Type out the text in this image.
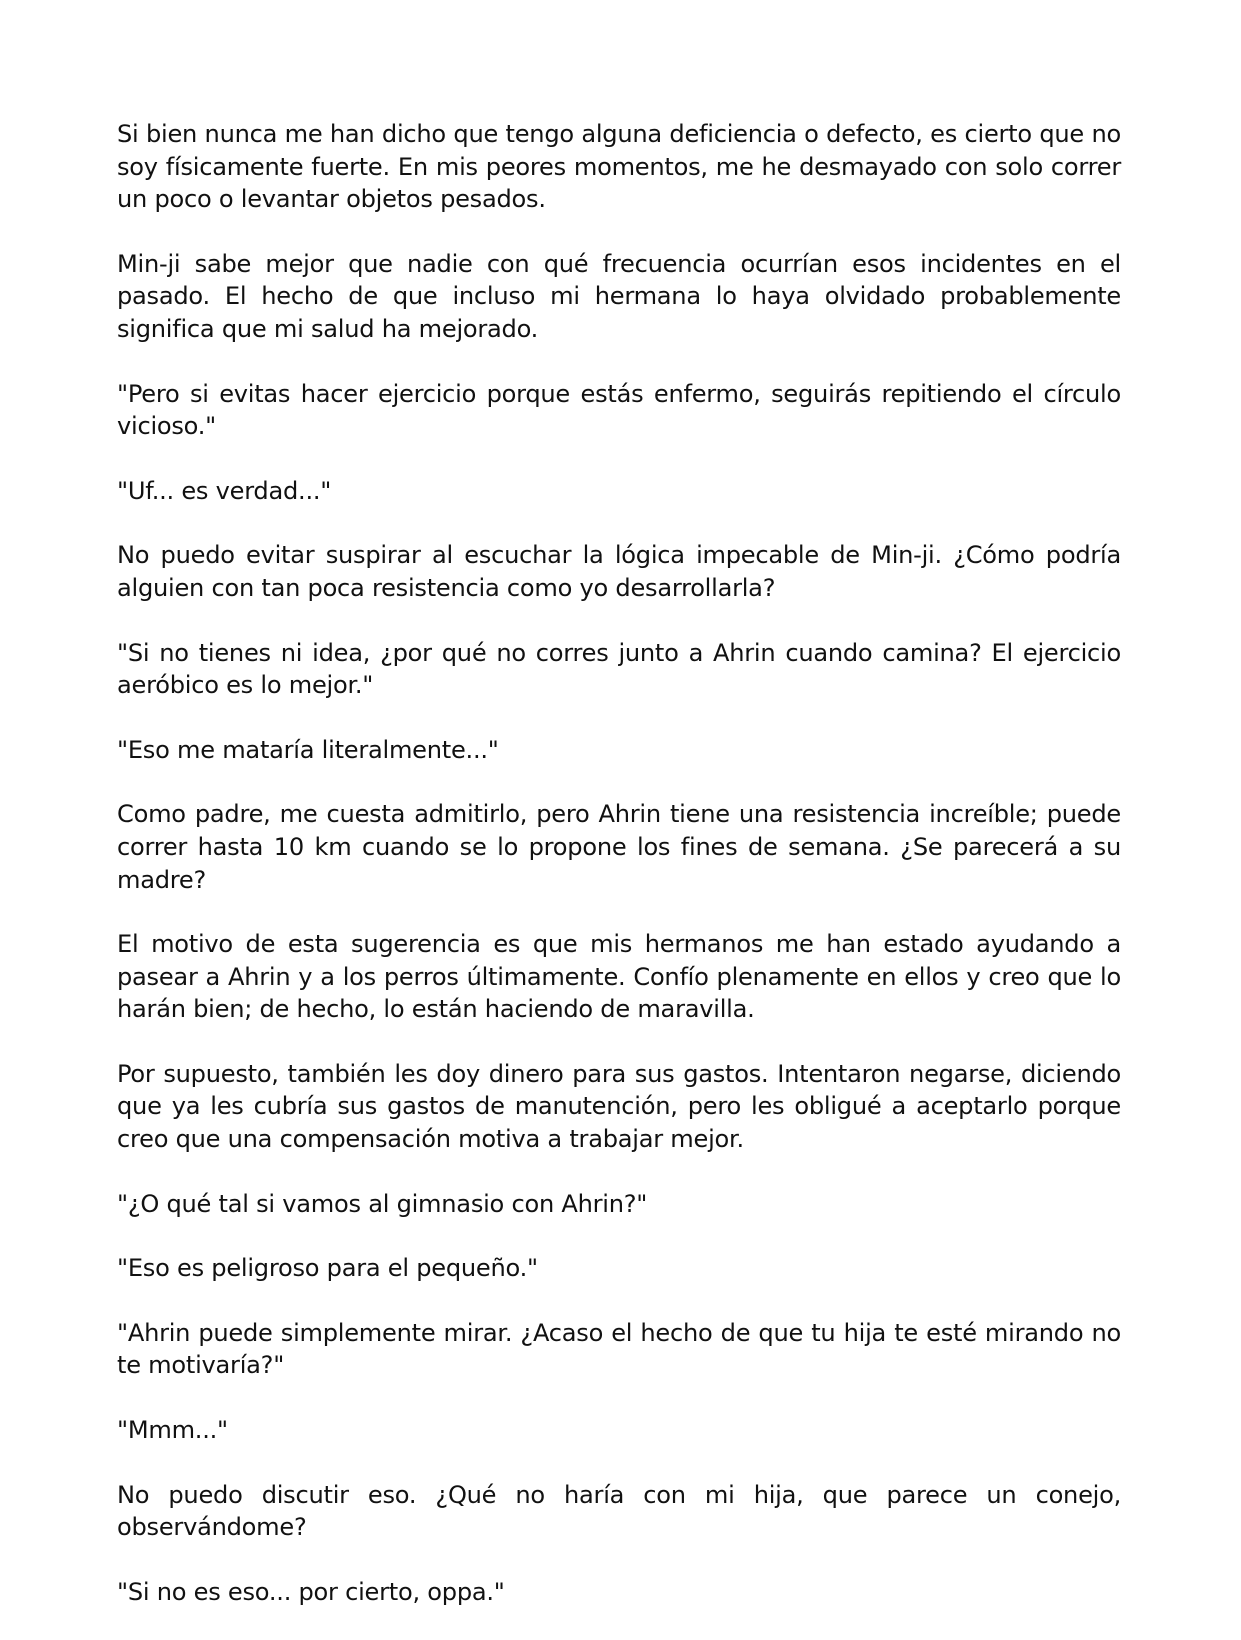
Si bien nunca me han dicho que tengo alguna deficiencia o defecto, es cierto que no soy físicamente fuerte. En mis peores momentos, me he desmayado con solo correr un poco o levantar objetos pesados.

Min-ji sabe mejor que nadie con qué frecuencia ocurrían esos incidentes en el pasado. El hecho de que incluso mi hermana lo haya olvidado probablemente significa que mi salud ha mejorado.

"Pero si evitas hacer ejercicio porque estás enfermo, seguirás repitiendo el círculo vicioso."

"Uf... es verdad..."

No puedo evitar suspirar al escuchar la lógica impecable de Min-ji. ¿Cómo podría alguien con tan poca resistencia como yo desarrollarla?

"Si no tienes ni idea, ¿por qué no corres junto a Ahrin cuando camina? El ejercicio aeróbico es lo mejor."

"Eso me mataría literalmente..."

Como padre, me cuesta admitirlo, pero Ahrin tiene una resistencia increíble; puede correr hasta 10 km cuando se lo propone los fines de semana. ¿Se parecerá a su madre?

El motivo de esta sugerencia es que mis hermanos me han estado ayudando a pasear a Ahrin y a los perros últimamente. Confío plenamente en ellos y creo que lo harán bien; de hecho, lo están haciendo de maravilla.

Por supuesto, también les doy dinero para sus gastos. Intentaron negarse, diciendo que ya les cubría sus gastos de manutención, pero les obligué a aceptarlo porque creo que una compensación motiva a trabajar mejor.

"¿O qué tal si vamos al gimnasio con Ahrin?"

"Eso es peligroso para el pequeño."

"Ahrin puede simplemente mirar. ¿Acaso el hecho de que tu hija te esté mirando no te motivaría?"

"Mmm..."

No puedo discutir eso. ¿Qué no haría con mi hija, que parece un conejo, observándome?

"Si no es eso... por cierto, oppa."
